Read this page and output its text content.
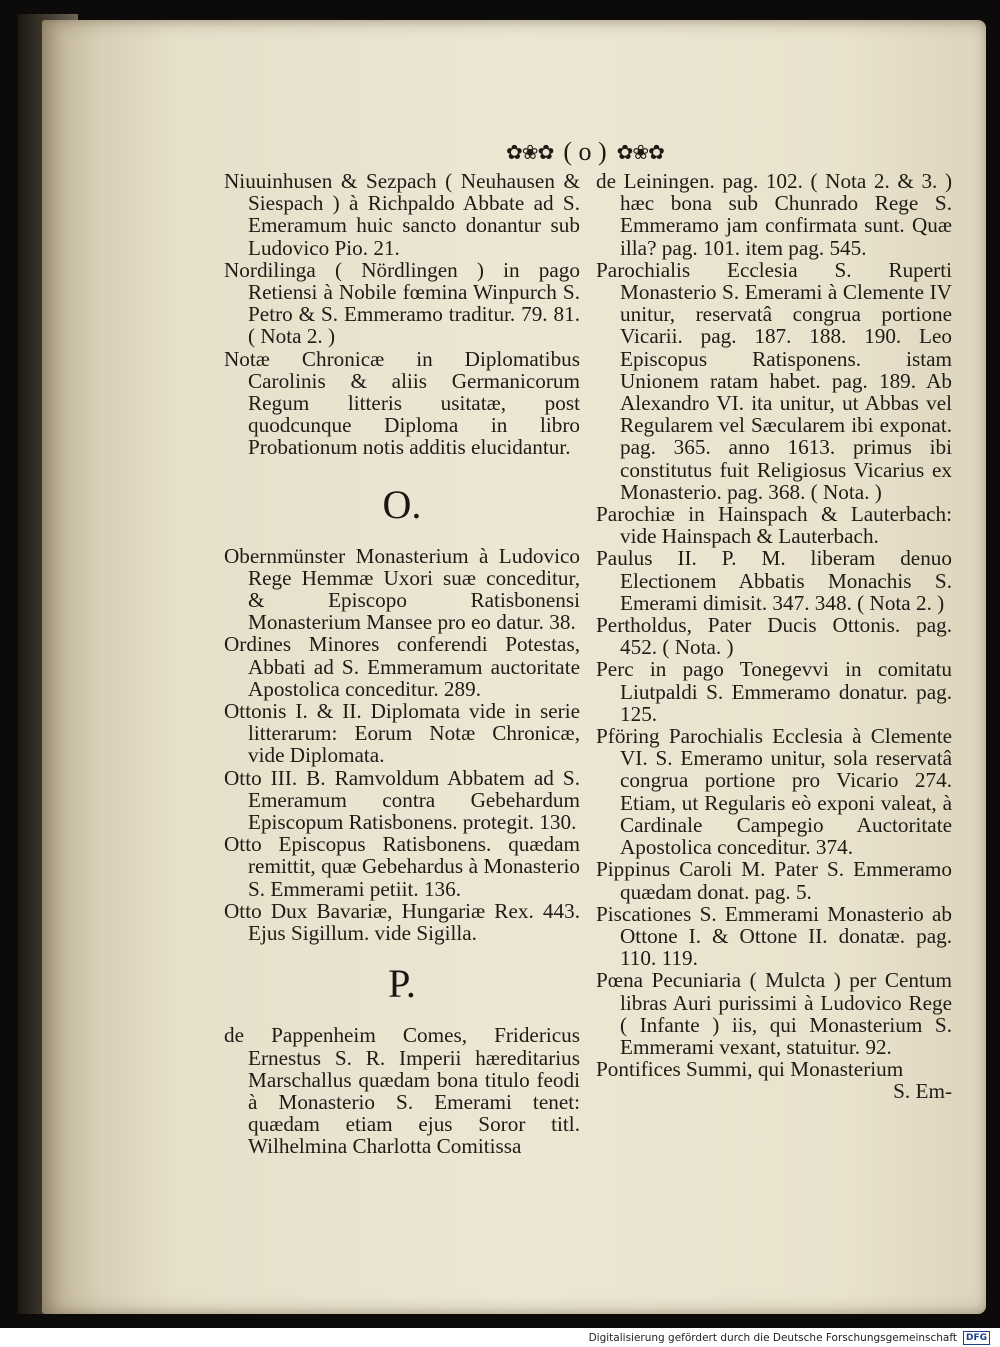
✿❀✿ ( o ) ✿❀✿
Niuuinhusen & Sezpach ( Neuhausen & Siespach ) à Richpaldo Abbate ad S. Emeramum huic sancto donantur sub Ludovico Pio. 21.
Nordilinga ( Nördlingen ) in pago Retiensi à Nobile fœmina Winpurch S. Petro & S. Emmeramo traditur. 79. 81. ( Nota 2. )
Notæ Chronicæ in Diplomatibus Carolinis & aliis Germanicorum Regum litteris usitatæ, post quodcunque Diploma in libro Probationum notis additis elucidantur.
O.
Obernmünster Monasterium à Ludovico Rege Hemmæ Uxori suæ conceditur, & Episcopo Ratisbonensi Monasterium Mansee pro eo datur. 38.
Ordines Minores conferendi Potestas, Abbati ad S. Emmeramum auctoritate Apostolica conceditur. 289.
Ottonis I. & II. Diplomata vide in serie litterarum: Eorum Notæ Chronicæ, vide Diplomata.
Otto III. B. Ramvoldum Abbatem ad S. Emeramum contra Gebehardum Episcopum Ratisbonens. protegit. 130.
Otto Episcopus Ratisbonens. quædam remittit, quæ Gebehardus à Monasterio S. Emmerami petiit. 136.
Otto Dux Bavariæ, Hungariæ Rex. 443. Ejus Sigillum. vide Sigilla.
P.
de Pappenheim Comes, Fridericus Ernestus S. R. Imperii hæreditarius Marschallus quædam bona titulo feodi à Monasterio S. Emerami tenet: quædam etiam ejus Soror titl. Wilhelmina Charlotta Comitissa
de Leiningen. pag. 102. ( Nota 2. & 3. ) hæc bona sub Chunrado Rege S. Emmeramo jam confirmata sunt. Quæ illa? pag. 101. item pag. 545.
Parochialis Ecclesia S. Ruperti Monasterio S. Emerami à Clemente IV unitur, reservatâ congrua portione Vicarii. pag. 187. 188. 190. Leo Episcopus Ratisponens. istam Unionem ratam habet. pag. 189. Ab Alexandro VI. ita unitur, ut Abbas vel Regularem vel Sæcularem ibi exponat. pag. 365. anno 1613. primus ibi constitutus fuit Religiosus Vicarius ex Monasterio. pag. 368. ( Nota. )
Parochiæ in Hainspach & Lauterbach: vide Hainspach & Lauterbach.
Paulus II. P. M. liberam denuo Electionem Abbatis Monachis S. Emerami dimisit. 347. 348. ( Nota 2. )
Pertholdus, Pater Ducis Ottonis. pag. 452. ( Nota. )
Perc in pago Tonegevvi in comitatu Liutpaldi S. Emmeramo donatur. pag. 125.
Pföring Parochialis Ecclesia à Clemente VI. S. Emeramo unitur, sola reservatâ congrua portione pro Vicario 274. Etiam, ut Regularis eò exponi valeat, à Cardinale Campegio Auctoritate Apostolica conceditur. 374.
Pippinus Caroli M. Pater S. Emmeramo quædam donat. pag. 5.
Piscationes S. Emmerami Monasterio ab Ottone I. & Ottone II. donatæ. pag. 110. 119.
Pœna Pecuniaria ( Mulcta ) per Centum libras Auri purissimi à Ludovico Rege ( Infante ) iis, qui Monasterium S. Emmerami vexant, statuitur. 92.
Pontifices Summi, qui Monasterium
S. Em-
Digitalisierung gefördert durch die Deutsche Forschungsgemeinschaft	DFG
